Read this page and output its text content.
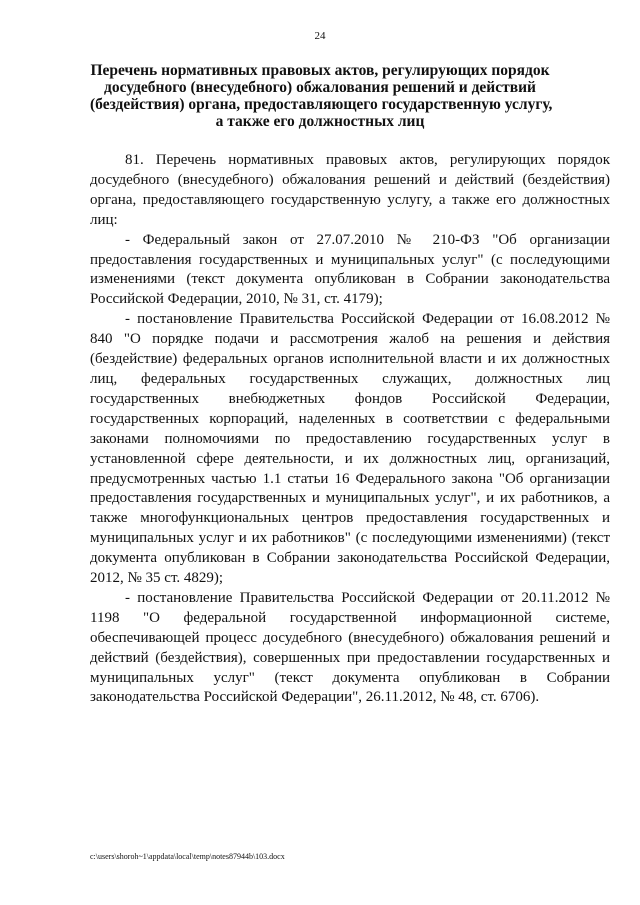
24
Перечень нормативных правовых актов, регулирующих порядок
досудебного (внесудебного) обжалования решений и действий
(бездействия) органа, предоставляющего государственную услугу,
а также его должностных лиц

81. Перечень нормативных правовых актов, регулирующих порядок досудебного (внесудебного) обжалования решений и действий (бездействия) органа, предоставляющего государственную услугу, а также его должностных лиц:

- Федеральный закон от 27.07.2010 № 210-ФЗ "Об организации предоставления государственных и муниципальных услуг" (с последующими изменениями (текст документа опубликован в Собрании законодательства Российской Федерации, 2010, № 31, ст. 4179);

- постановление Правительства Российской Федерации от 16.08.2012 № 840 "О порядке подачи и рассмотрения жалоб на решения и действия (бездействие) федеральных органов исполнительной власти и их должностных лиц, федеральных государственных служащих, должностных лиц государственных внебюджетных фондов Российской Федерации, государственных корпораций, наделенных в соответствии с федеральными законами полномочиями по предоставлению государственных услуг в установленной сфере деятельности, и их должностных лиц, организаций, предусмотренных частью 1.1 статьи 16 Федерального закона "Об организации предоставления государственных и муниципальных услуг", и их работников, а также многофункциональных центров предоставления государственных и муниципальных услуг и их работников" (с последующими изменениями) (текст документа опубликован в Собрании законодательства Российской Федерации, 2012, № 35 ст. 4829);

- постановление Правительства Российской Федерации от 20.11.2012 № 1198 "О федеральной государственной информационной системе, обеспечивающей процесс досудебного (внесудебного) обжалования решений и действий (бездействия), совершенных при предоставлении государственных и муниципальных услуг" (текст документа опубликован в Собрании законодательства Российской Федерации", 26.11.2012, № 48, ст. 6706).

c:\users\shoroh~1\appdata\local\temp\notes87944b\103.docx
